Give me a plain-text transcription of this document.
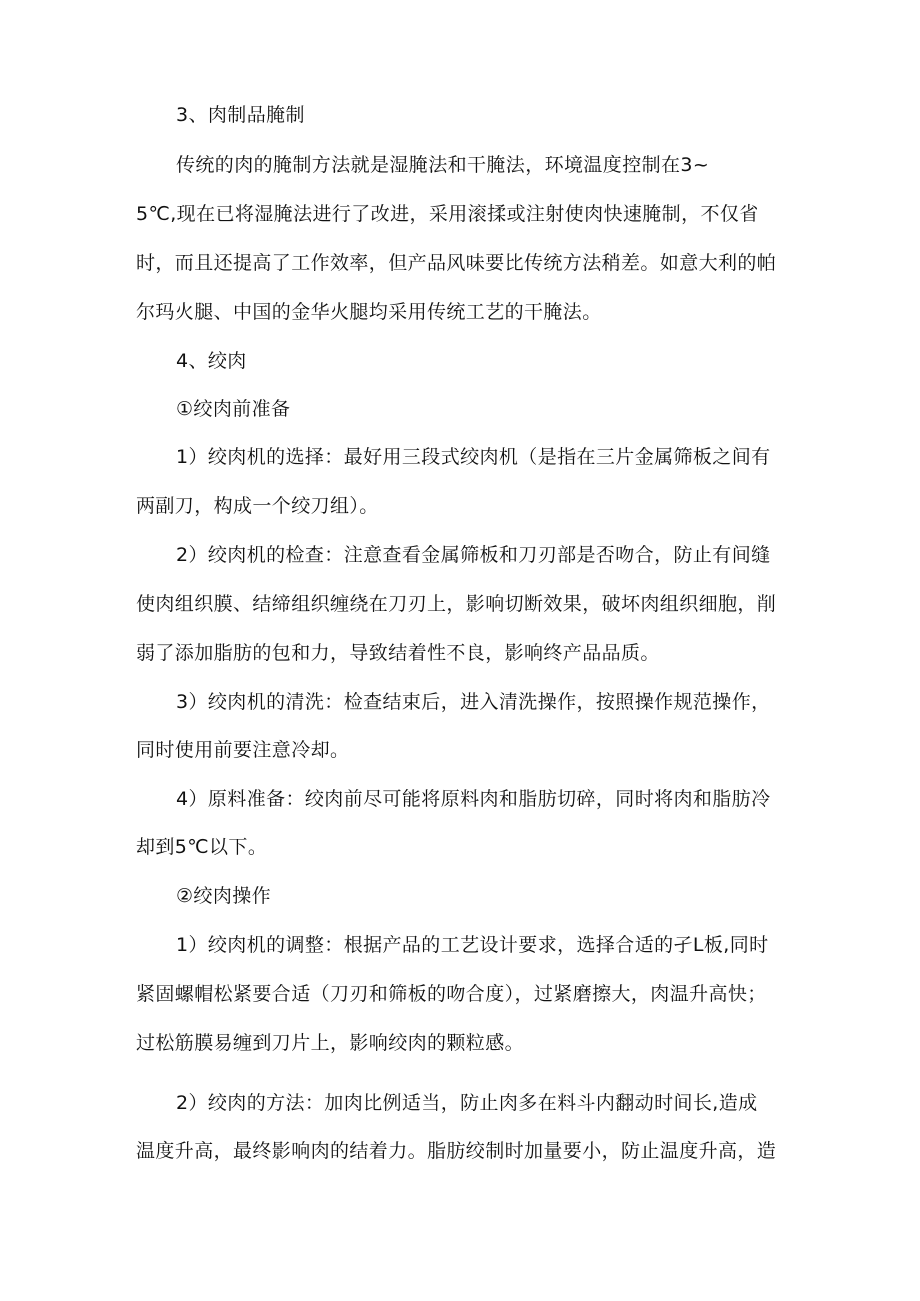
3、肉制品腌制
传统的肉的腌制方法就是湿腌法和干腌法，环境温度控制在3~
5℃,现在已将湿腌法进行了改进，采用滚揉或注射使肉快速腌制，不仅省
时，而且还提高了工作效率，但产品风味要比传统方法稍差。如意大利的帕
尔玛火腿、中国的金华火腿均采用传统工艺的干腌法。
4、绞肉
①绞肉前准备
1）绞肉机的选择：最好用三段式绞肉机（是指在三片金属筛板之间有
两副刀，构成一个绞刀组）。
2）绞肉机的检查：注意查看金属筛板和刀刃部是否吻合，防止有间缝
使肉组织膜、结缔组织缠绕在刀刃上，影响切断效果，破坏肉组织细胞，削
弱了添加脂肪的包和力，导致结着性不良，影响终产品品质。
3）绞肉机的清洗：检查结束后，进入清洗操作，按照操作规范操作，
同时使用前要注意冷却。
4）原料准备：绞肉前尽可能将原料肉和脂肪切碎，同时将肉和脂肪冷
却到5℃以下。
②绞肉操作
1）绞肉机的调整：根据产品的工艺设计要求，选择合适的孑L板,同时
紧固螺帽松紧要合适（刀刃和筛板的吻合度），过紧磨擦大，肉温升高快；
过松筋膜易缠到刀片上，影响绞肉的颗粒感。
2）绞肉的方法：加肉比例适当，防止肉多在料斗内翻动时间长,造成
温度升高，最终影响肉的结着力。脂肪绞制时加量要小，防止温度升高，造
